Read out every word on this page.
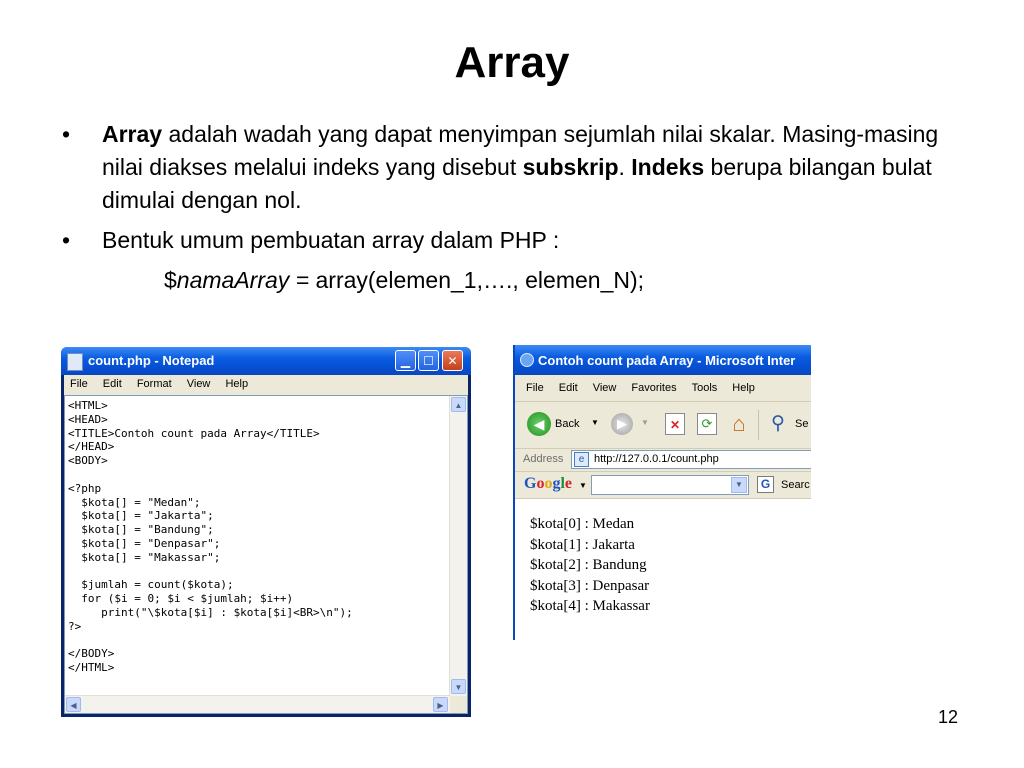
Array
• Array adalah wadah yang dapat menyimpan sejumlah nilai skalar. Masing-masing nilai diakses melalui indeks yang disebut subskrip. Indeks berupa bilangan bulat dimulai dengan nol.
• Bentuk umum pembuatan array dalam PHP :
$namaArray = array(elemen_1,…., elemen_N);
count.php - Notepad	▁	☐	✕
File Edit Format View Help
<HTML>
<HEAD>
<TITLE>Contoh count pada Array</TITLE>
</HEAD>
<BODY>

<?php
$kota[] = "Medan";
$kota[] = "Jakarta";
$kota[] = "Bandung";
$kota[] = "Denpasar";
$kota[] = "Makassar";

$jumlah = count($kota);
for ($i = 0; $i < $jumlah; $i++)
print("\$kota[$i] : $kota[$i]<BR>\n");
?>

</BODY>
</HTML>
▲
▼
◀	▶
Contoh count pada Array - Microsoft Inter
File Edit View Favorites Tools Help
◀ Back ▼	▶	▼	✕	⟳ ⌂ ⚲ Se
Address	e http://127.0.0.1/count.php
Google ▼	▼	G Searc
$kota[0] : Medan
$kota[1] : Jakarta
$kota[2] : Bandung
$kota[3] : Denpasar
$kota[4] : Makassar
12
